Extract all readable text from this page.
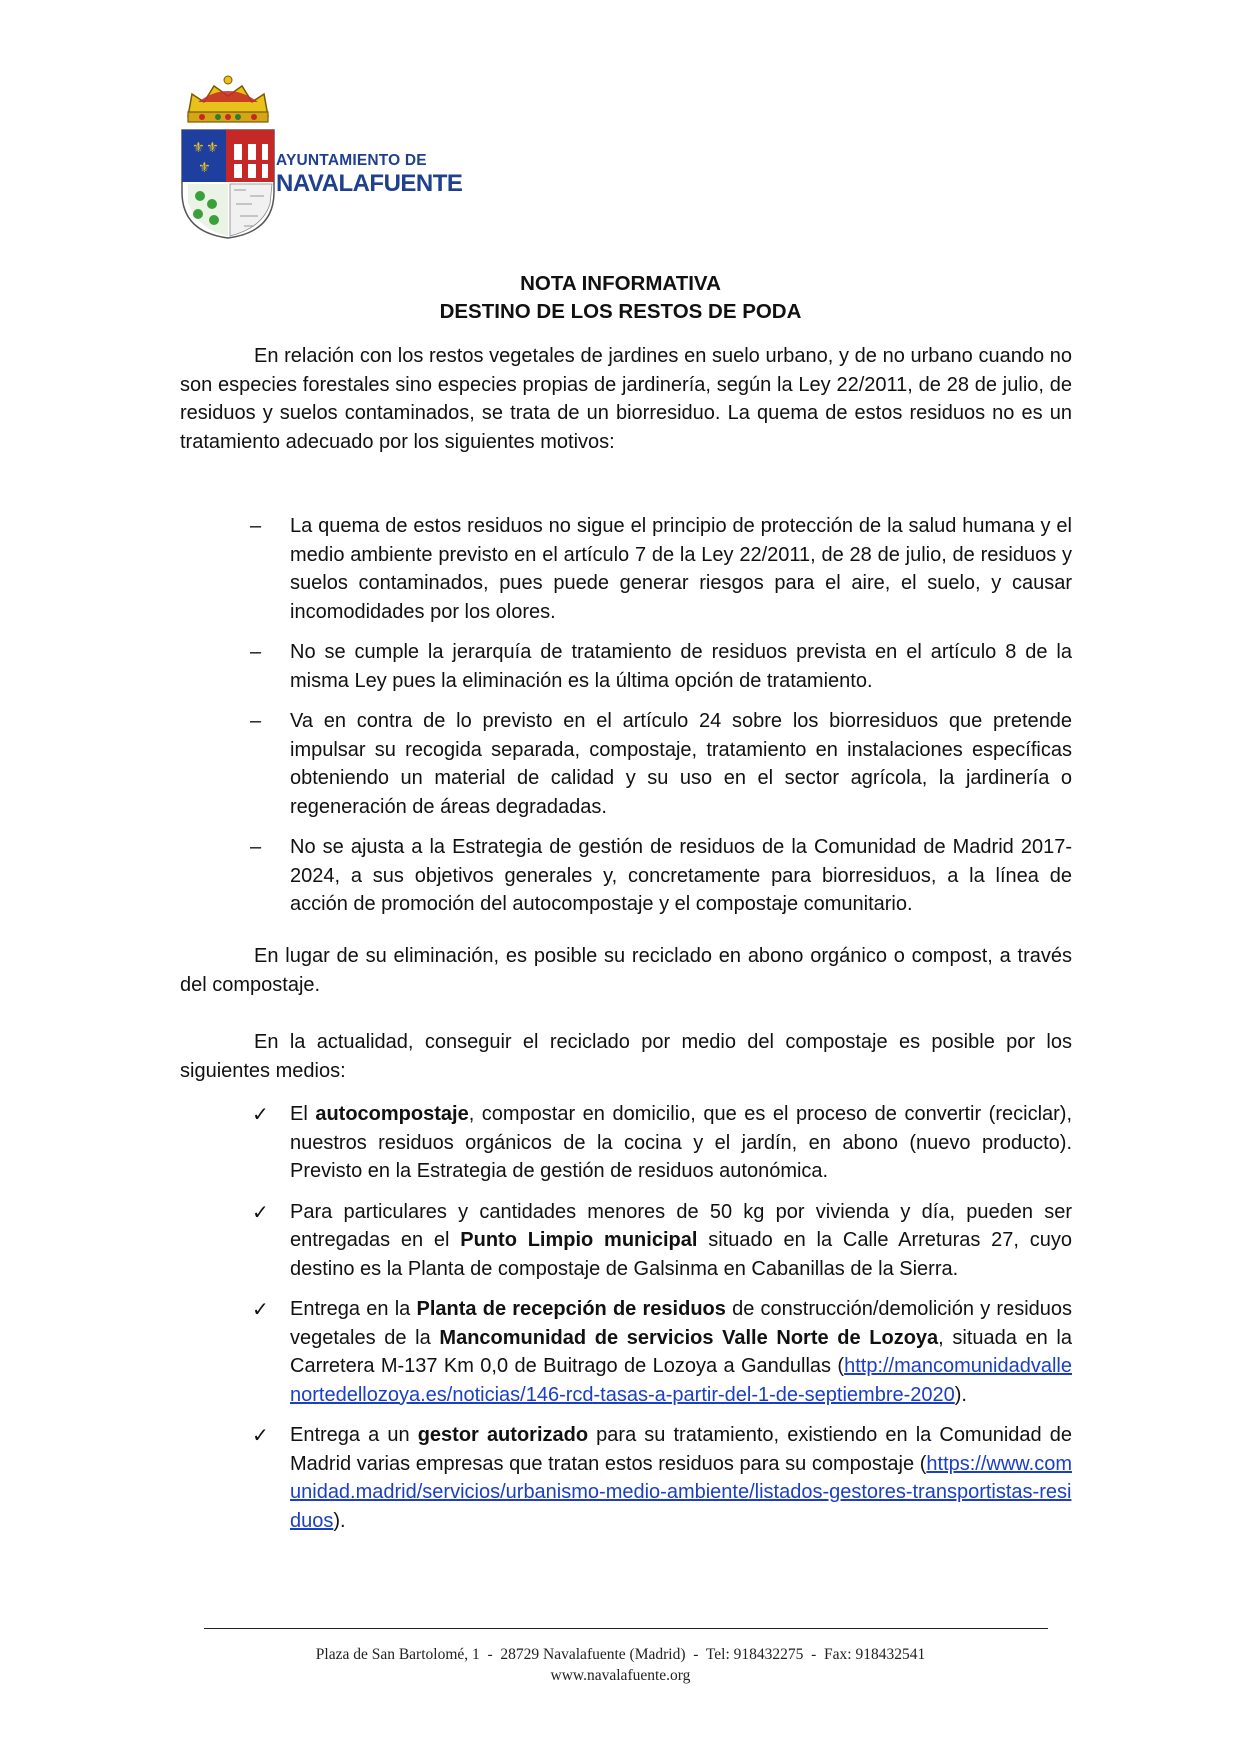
⚜ ⚜
⚜	AYUNTAMIENTO DE
NAVALAFUENTE
NOTA INFORMATIVA
DESTINO DE LOS RESTOS DE PODA

En relación con los restos vegetales de jardines en suelo urbano, y de no urbano cuando no son especies forestales sino especies propias de jardinería, según la Ley 22/2011, de 28 de julio, de residuos y suelos contaminados, se trata de un biorresiduo. La quema de estos residuos no es un tratamiento adecuado por los siguientes motivos:

– La quema de estos residuos no sigue el principio de protección de la salud humana y el medio ambiente previsto en el artículo 7 de la Ley 22/2011, de 28 de julio, de residuos y suelos contaminados, pues puede generar riesgos para el aire, el suelo, y causar incomodidades por los olores.
– No se cumple la jerarquía de tratamiento de residuos prevista en el artículo 8 de la misma Ley pues la eliminación es la última opción de tratamiento.
– Va en contra de lo previsto en el artículo 24 sobre los biorresiduos que pretende impulsar su recogida separada, compostaje, tratamiento en instalaciones específicas obteniendo un material de calidad y su uso en el sector agrícola, la jardinería o regeneración de áreas degradadas.
– No se ajusta a la Estrategia de gestión de residuos de la Comunidad de Madrid 2017-2024, a sus objetivos generales y, concretamente para biorresiduos, a la línea de acción de promoción del autocompostaje y el compostaje comunitario.

En lugar de su eliminación, es posible su reciclado en abono orgánico o compost, a través del compostaje.

En la actualidad, conseguir el reciclado por medio del compostaje es posible por los siguientes medios:

✓ El autocompostaje, compostar en domicilio, que es el proceso de convertir (reciclar), nuestros residuos orgánicos de la cocina y el jardín, en abono (nuevo producto). Previsto en la Estrategia de gestión de residuos autonómica.
✓ Para particulares y cantidades menores de 50 kg por vivienda y día, pueden ser entregadas en el Punto Limpio municipal situado en la Calle Arreturas 27, cuyo destino es la Planta de compostaje de Galsinma en Cabanillas de la Sierra.
✓ Entrega en la Planta de recepción de residuos de construcción/demolición y residuos vegetales de la Mancomunidad de servicios Valle Norte de Lozoya, situada en la Carretera M-137 Km 0,0 de Buitrago de Lozoya a Gandullas (http://mancomunidadvallenortedellozoya.es/noticias/146-rcd-tasas-a-partir-del-1-de-septiembre-2020).
✓ Entrega a un gestor autorizado para su tratamiento, existiendo en la Comunidad de Madrid varias empresas que tratan estos residuos para su compostaje (https://www.comunidad.madrid/servicios/urbanismo-medio-ambiente/listados-gestores-transportistas-residuos).
Plaza de San Bartolomé, 1  -  28729 Navalafuente (Madrid)  -  Tel: 918432275  -  Fax: 918432541
www.navalafuente.org
